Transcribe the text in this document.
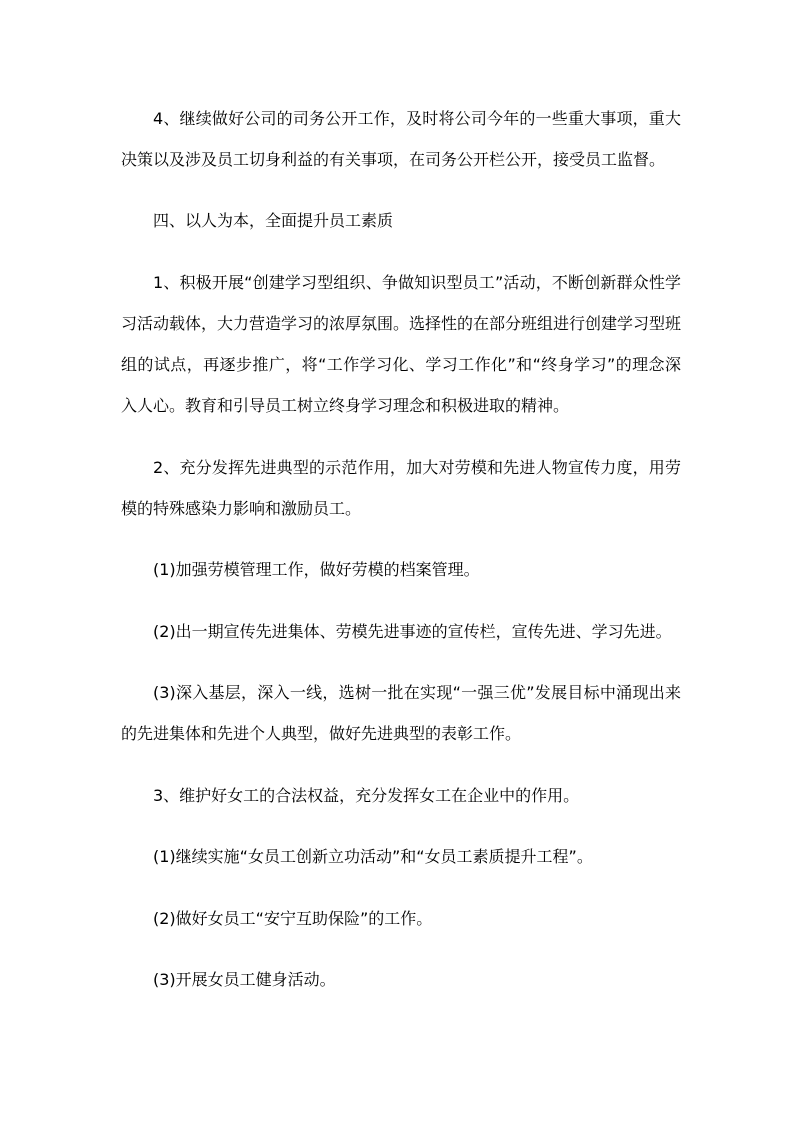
4、继续做好公司的司务公开工作，及时将公司今年的一些重大事项，重大决策以及涉及员工切身利益的有关事项，在司务公开栏公开，接受员工监督。

四、以人为本，全面提升员工素质

1、积极开展“创建学习型组织、争做知识型员工”活动，不断创新群众性学习活动载体，大力营造学习的浓厚氛围。选择性的在部分班组进行创建学习型班组的试点，再逐步推广，将“工作学习化、学习工作化”和“终身学习”的理念深入人心。教育和引导员工树立终身学习理念和积极进取的精神。

2、充分发挥先进典型的示范作用，加大对劳模和先进人物宣传力度，用劳模的特殊感染力影响和激励员工。

(1)加强劳模管理工作，做好劳模的档案管理。

(2)出一期宣传先进集体、劳模先进事迹的宣传栏，宣传先进、学习先进。

(3)深入基层，深入一线，选树一批在实现“一强三优”发展目标中涌现出来的先进集体和先进个人典型，做好先进典型的表彰工作。

3、维护好女工的合法权益，充分发挥女工在企业中的作用。

(1)继续实施“女员工创新立功活动”和“女员工素质提升工程”。

(2)做好女员工“安宁互助保险”的工作。

(3)开展女员工健身活动。
